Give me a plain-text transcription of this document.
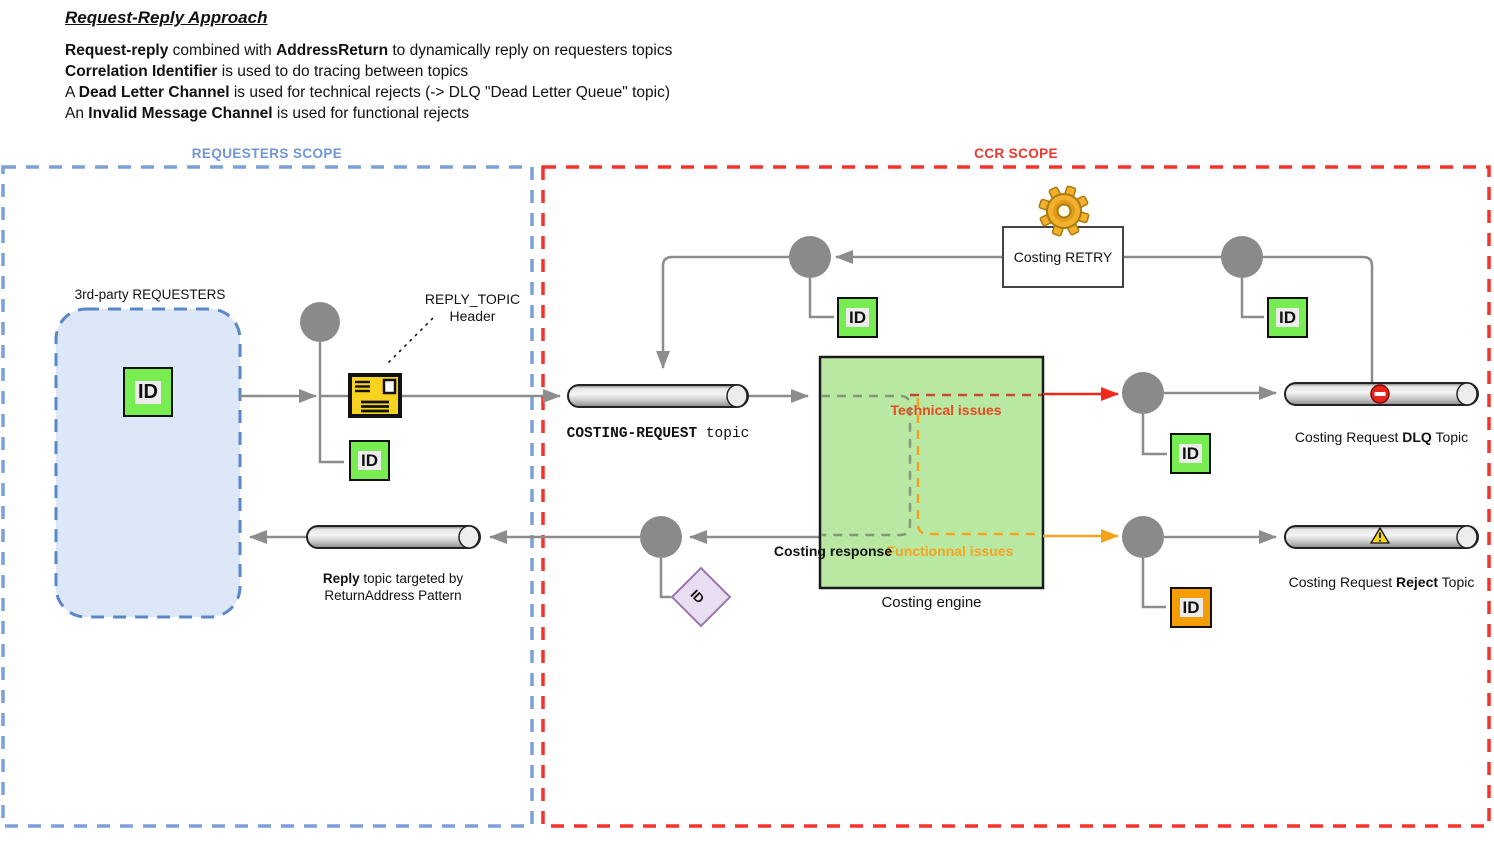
Request-Reply Approach

Request-reply combined with AddressReturn to dynamically reply on requesters topics

Correlation Identifier is used to do tracing between topics

A Dead Letter Channel is used for technical rejects (-> DLQ "Dead Letter Queue" topic)

An Invalid Message Channel is used for functional rejects

REQUESTERS SCOPE	CCR SCOPE
3rd-party REQUESTERS	REPLY_TOPIC
Header
COSTING-REQUEST topic
Costing RETRY
Technical issues
Functionnal issues
Costing response
Costing engine
Costing Request DLQ Topic
Costing Request Reject Topic
Reply topic targeted by
ReturnAddress Pattern
ID
ID
ID	ID
ID
ID
ID
